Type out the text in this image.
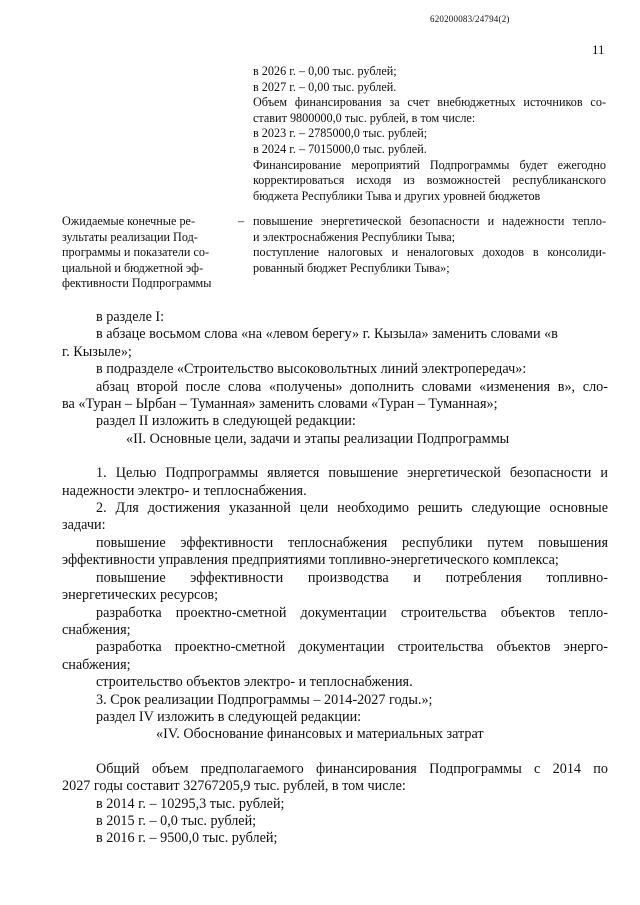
620200083/24794(2)
11
в 2026 г. – 0,00 тыс. рублей;
в 2027 г. – 0,00 тыс. рублей.
Объем финансирования за счет внебюджетных источников со-
ставит 9800000,0 тыс. рублей, в том числе:
в 2023 г. – 2785000,0 тыс. рублей;
в 2024 г. – 7015000,0 тыс. рублей.
Финансирование мероприятий Подпрограммы будет ежегодно
корректироваться исходя из возможностей республиканского
бюджета Республики Тыва и других уровней бюджетов
Ожидаемые конечные ре-
зультаты реализации Под-
программы и показатели со-
циальной и бюджетной эф-
фективности Подпрограммы
– повышение энергетической безопасности и надежности тепло-
и электроснабжения Республики Тыва;
поступление налоговых и неналоговых доходов в консолиди-
рованный бюджет Республики Тыва»;

в разделе I:

в абзаце восьмом слова «на «левом берегу» г. Кызыла» заменить словами «в

г. Кызыле»;

в подразделе «Строительство высоковольтных линий электропередач»:

абзац второй после слова «получены» дополнить словами «изменения в», сло-

ва «Туран – Ырбан – Туманная» заменить словами «Туран – Туманная»;

раздел II изложить в следующей редакции:

«II. Основные цели, задачи и этапы реализации Подпрограммы

1. Целью Подпрограммы является повышение энергетической безопасности и

надежности электро- и теплоснабжения.

2. Для достижения указанной цели необходимо решить следующие основные

задачи:

повышение эффективности теплоснабжения республики путем повышения

эффективности управления предприятиями топливно-энергетического комплекса;

повышение эффективности производства и потребления топливно-

энергетических ресурсов;

разработка проектно-сметной документации строительства объектов тепло-

снабжения;

разработка проектно-сметной документации строительства объектов энерго-

снабжения;

строительство объектов электро- и теплоснабжения.

3. Срок реализации Подпрограммы – 2014-2027 годы.»;

раздел IV изложить в следующей редакции:

«IV. Обоснование финансовых и материальных затрат

Общий объем предполагаемого финансирования Подпрограммы с 2014 по

2027 годы составит 32767205,9 тыс. рублей, в том числе:

в 2014 г. – 10295,3 тыс. рублей;

в 2015 г. – 0,0 тыс. рублей;

в 2016 г. – 9500,0 тыс. рублей;
